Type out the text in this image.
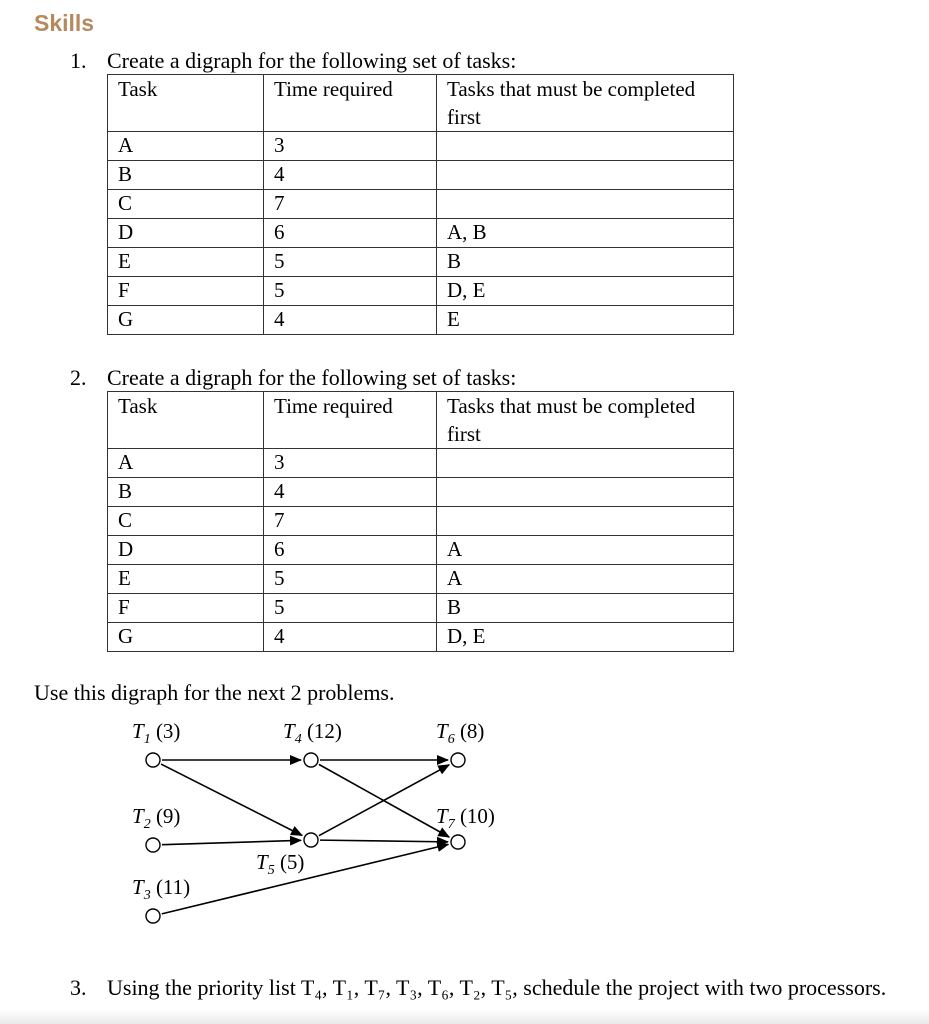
Skills
1. Create a digraph for the following set of tasks:
Task	Time required	Tasks that must be completed first
A	3	
B	4	
C	7	
D	6	A, B
E	5	B
F	5	D, E
G	4	E
2. Create a digraph for the following set of tasks:
Task	Time required	Tasks that must be completed first
A	3	
B	4	
C	7	
D	6	A
E	5	A
F	5	B
G	4	D, E
Use this digraph for the next 2 problems.
$T_1$ (3)
$T_2$ (9)
$T_3$ (11)
$T_4$ (12)
$T_5$ (5)
$T_6$ (8)
$T_7$ (10)
3. Using the priority list T₄, T₁, T₇, T₃, T₆, T₂, T₅, schedule the project with two processors.
